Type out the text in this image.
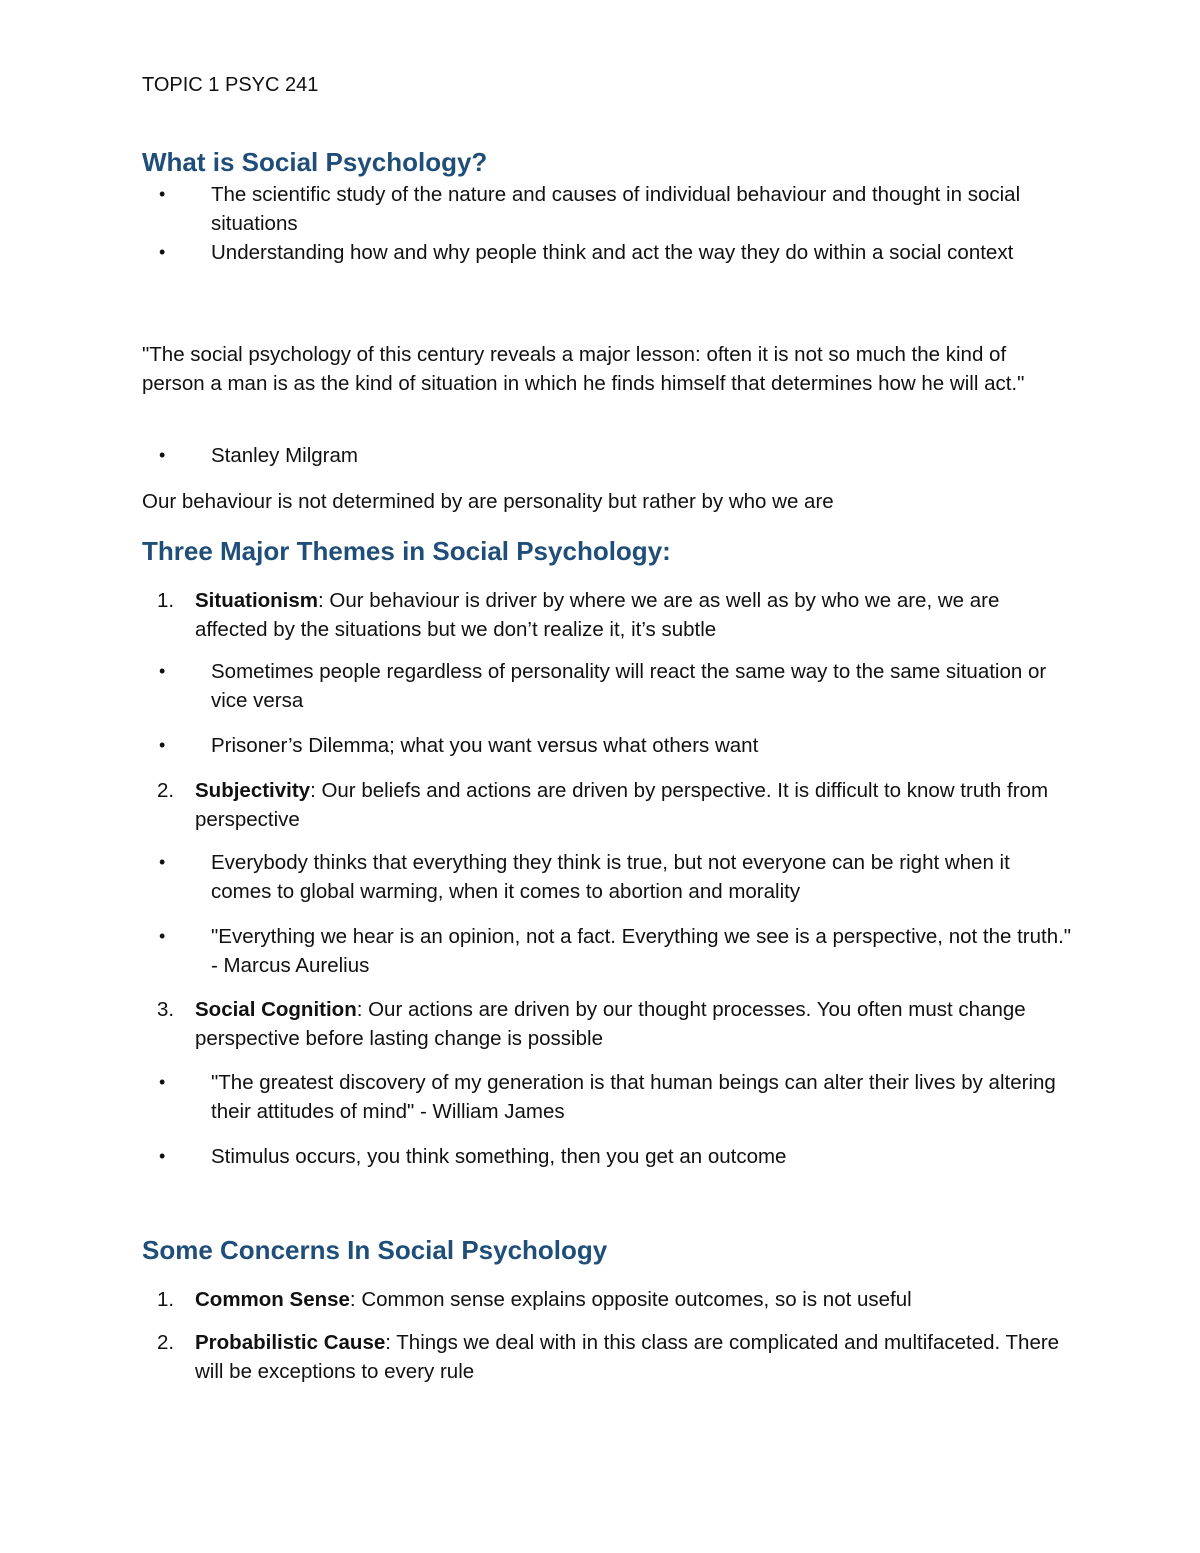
TOPIC 1 PSYC 241
What is Social Psychology?
•	The scientific study of the nature and causes of individual behaviour and thought in social situations
•	Understanding how and why people think and act the way they do within a social context
"The social psychology of this century reveals a major lesson: often it is not so much the kind of person a man is as the kind of situation in which he finds himself that determines how he will act."
•	Stanley Milgram
Our behaviour is not determined by are personality but rather by who we are
Three Major Themes in Social Psychology:
1. Situationism: Our behaviour is driver by where we are as well as by who we are, we are affected by the situations but we don’t realize it, it’s subtle
•	Sometimes people regardless of personality will react the same way to the same situation or vice versa
•	Prisoner’s Dilemma; what you want versus what others want
2. Subjectivity: Our beliefs and actions are driven by perspective. It is difficult to know truth from perspective
•	Everybody thinks that everything they think is true, but not everyone can be right when it comes to global warming, when it comes to abortion and morality
•	"Everything we hear is an opinion, not a fact. Everything we see is a perspective, not the truth." - Marcus Aurelius
3. Social Cognition: Our actions are driven by our thought processes. You often must change perspective before lasting change is possible
•	"The greatest discovery of my generation is that human beings can alter their lives by altering their attitudes of mind" - William James
•	Stimulus occurs, you think something, then you get an outcome
Some Concerns In Social Psychology
1. Common Sense: Common sense explains opposite outcomes, so is not useful
2. Probabilistic Cause: Things we deal with in this class are complicated and multifaceted. There will be exceptions to every rule
